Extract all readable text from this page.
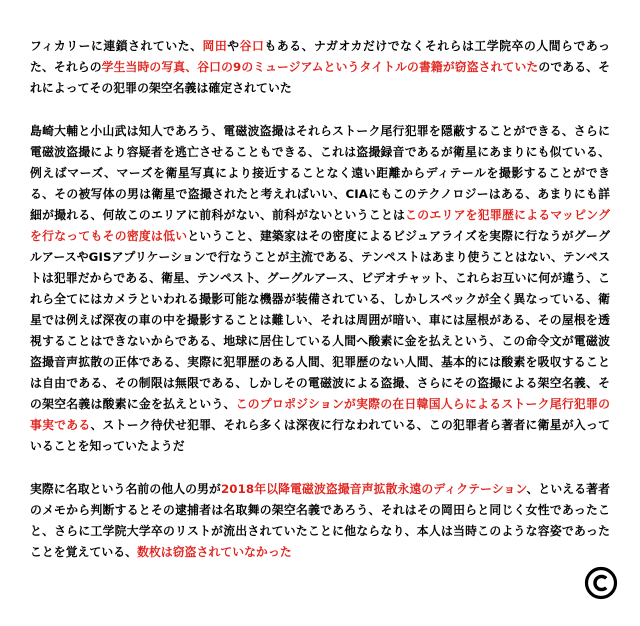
フィカリーに連鎖されていた、岡田や谷口もある、ナガオカだけでなくそれらは工学院卒の人間らであった、それらの学生当時の写真、谷口の9のミュージアムというタイトルの書籍が窃盗されていたのである、それによってその犯罪の架空名義は確定されていた

島崎大輔と小山武は知人であろう、電磁波盗撮はそれらストーク尾行犯罪を隠蔽することができる、さらに電磁波盗撮により容疑者を逃亡させることもできる、これは盗撮録音であるが衛星にあまりにも似ている、例えばマーズ、マーズを衛星写真により接近することなく遠い距離からディテールを撮影することができる、その被写体の男は衛星で盗撮されたと考えればいい、CIAにもこのテクノロジーはある、あまりにも詳細が撮れる、何故このエリアに前科がない、前科がないということはこのエリアを犯罪歴によるマッピングを行なってもその密度は低いということ、建築家はその密度によるビジュアライズを実際に行なうがグーグルアースやGISアプリケーションで行なうことが主流である、テンペストはあまり使うことはない、テンペストは犯罪だからである、衛星、テンペスト、グーグルアース、ビデオチャット、これらお互いに何が違う、これら全てにはカメラといわれる撮影可能な機器が装備されている、しかしスペックが全く異なっている、衛星では例えば深夜の車の中を撮影することは難しい、それは周囲が暗い、車には屋根がある、その屋根を透視することはできないからである、地球に居住している人間へ酸素に金を払えという、この命令文が電磁波盗撮音声拡散の正体である、実際に犯罪歴のある人間、犯罪歴のない人間、基本的には酸素を吸収することは自由である、その制限は無限である、しかしその電磁波による盗撮、さらにその盗撮による架空名義、その架空名義は酸素に金を払えという、このプロポジションが実際の在日韓国人らによるストーク尾行犯罪の事実である、ストーク待伏せ犯罪、それら多くは深夜に行なわれている、この犯罪者ら著者に衛星が入っていることを知っていたようだ

実際に名取という名前の他人の男が2018年以降電磁波盗撮音声拡散永遠のディクテーション、といえる著者のメモから判断するとその逮捕者は名取舞の架空名義であろう、それはその岡田らと同じく女性であったこと、さらに工学院大学卒のリストが流出されていたことに他ならなり、本人は当時このような容姿であったことを覚えている、数枚は窃盗されていなかった
